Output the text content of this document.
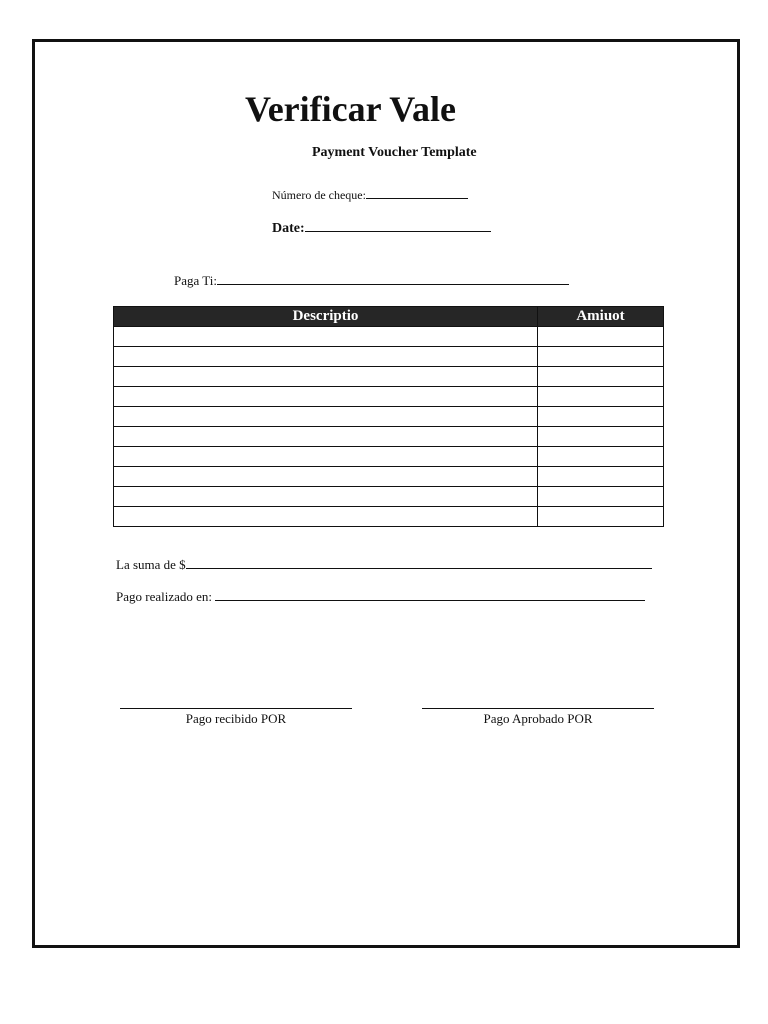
Verificar Vale
Payment Voucher Template
Número de cheque:
Date:
Paga Ti:
Descriptio	Amiuot

La suma de $
Pago realizado en:
Pago recibido POR	Pago Aprobado POR
